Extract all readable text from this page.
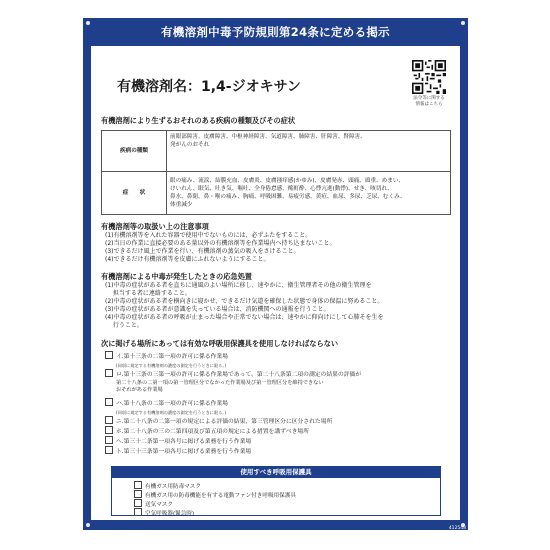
有機溶剤中毒予防規則第24条に定める掲示
有機溶剤名：1,4-ジオキサン
法令等に関する
情報はこちら
有機溶剤により生ずるおそれのある疾病の種類及びその症状
疾病の種類	前眼部障害、皮膚障害、中枢神経障害、気道障害、肺障害、肝障害、腎障害、
発がんのおそれ

症　　状	眼の痛み、流涙、結膜充血、皮膚炎、皮膚掻痒感(かゆみ)、皮膚発赤、頭痛、頭重、めまい、
けいれん、眠気、吐き気、嘔吐、全身倦怠感、酩酊酔、心悸亢進(動悸)、せき、咳切れ、
鼻水、鼻閉、鼻・喉の痛み、胸痛、呼吸困難、易疲労感、黄疸、血尿、多尿、乏尿、むくみ、
体重減少
有機溶剤等の取扱い上の注意事項
(1)有機溶剤等を入れた容器で使用中でないものには、必ずふたをすること。
(2)当日の作業に直接必要のある量以外の有機溶剤等を作業場内へ持ち込まないこと。
(3)できるだけ風上で作業を行い、有機溶剤の蒸気の吸入をさけること。
(4)できるだけ有機溶剤等を皮膚にふれないようにすること。
有機溶剤による中毒が発生したときの応急処置
(1)中毒の症状がある者を直ちに通風のよい場所に移し、速やかに、衛生管理者その他の衛生管理を
　 担当する者に連絡すること。
(2)中毒の症状がある者を横向きに寝かせ、できるだけ気道を確保した状態で身体の保温に努めること。
(3)中毒の症状がある者が意識を失っている場合は、消防機関への通報を行うこと。
(4)中毒の症状がある者の呼吸が止まった場合や正常でない場合は、速やかに仰向けにして心肺そを生を
　 行うこと。
次に掲げる場所にあっては有効な呼吸用保護具を使用しなければならない
イ.第十三条の二第一項の許可に係る作業場
(同項に規定する有機溶剤の濃度の測定を行うときに限る。)
ロ.第十三条の三第一項の許可に係る作業場であって、第二十八条第二項の測定の結果の評価が
第二十八条の二第一項の第一管理区分でなかった作業場及び第一管理区分を維持できない
おそれがある作業場
ハ.第十八条の二第一項の許可に係る作業場
(同項に規定する有機溶剤の濃度の測定を行うときに限る。)
ニ.第二十八条の二第一項の規定による評価の結果、第三管理区分に区分された場所
ホ.第二十八条の三の二第四項及び第五項の規定による措置を講ずべき場所
へ.第三十二条第一項各号に掲げる業務を行う作業場
ト.第三十三条第一項各号に掲げる業務を行う作業場
使用すべき呼吸用保護具
有機ガス用防毒マスク
有機ガス用の防毒機能を有する電動ファン付き呼吸用保護具
送気マスク
空気呼吸器(緊急時)
412548
